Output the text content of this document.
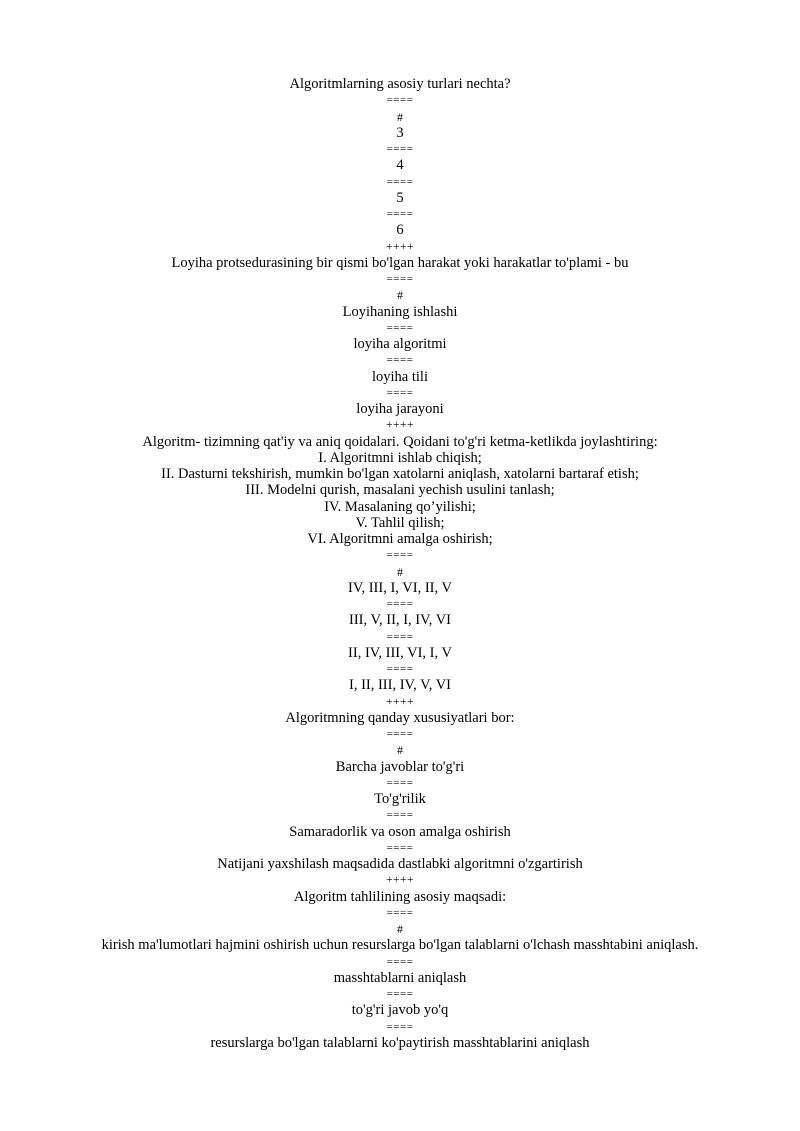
Algoritmlarning asosiy turlari nechta?
====
#
3
====
4
====
5
====
6
++++
Loyiha protsedurasining bir qismi bo'lgan harakat yoki harakatlar to'plami - bu
====
#
Loyihaning ishlashi
====
loyiha algoritmi
====
loyiha tili
====
loyiha jarayoni
++++
Algoritm- tizimning qat'iy va aniq qoidalari. Qoidani to'g'ri ketma-ketlikda joylashtiring:
I. Algoritmni ishlab chiqish;
II. Dasturni tekshirish, mumkin bo'lgan xatolarni aniqlash, xatolarni bartaraf etish;
III. Modelni qurish, masalani yechish usulini tanlash;
IV. Masalaning qo’yilishi;
V. Tahlil qilish;
VI. Algoritmni amalga oshirish;
====
#
IV, III, I, VI, II, V
====
III, V, II, I, IV, VI
====
II, IV, III, VI, I, V
====
I, II, III, IV, V, VI
++++
Algoritmning qanday xususiyatlari bor:
====
#
Barcha javoblar to'g'ri
====
To'g'rilik
====
Samaradorlik va oson amalga oshirish
====
Natijani yaxshilash maqsadida dastlabki algoritmni o'zgartirish
++++
Algoritm tahlilining asosiy maqsadi:
====
#
kirish ma'lumotlari hajmini oshirish uchun resurslarga bo'lgan talablarni o'lchash masshtabini aniqlash.
====
masshtablarni aniqlash
====
to'g'ri javob yo'q
====
resurslarga bo'lgan talablarni ko'paytirish masshtablarini aniqlash
